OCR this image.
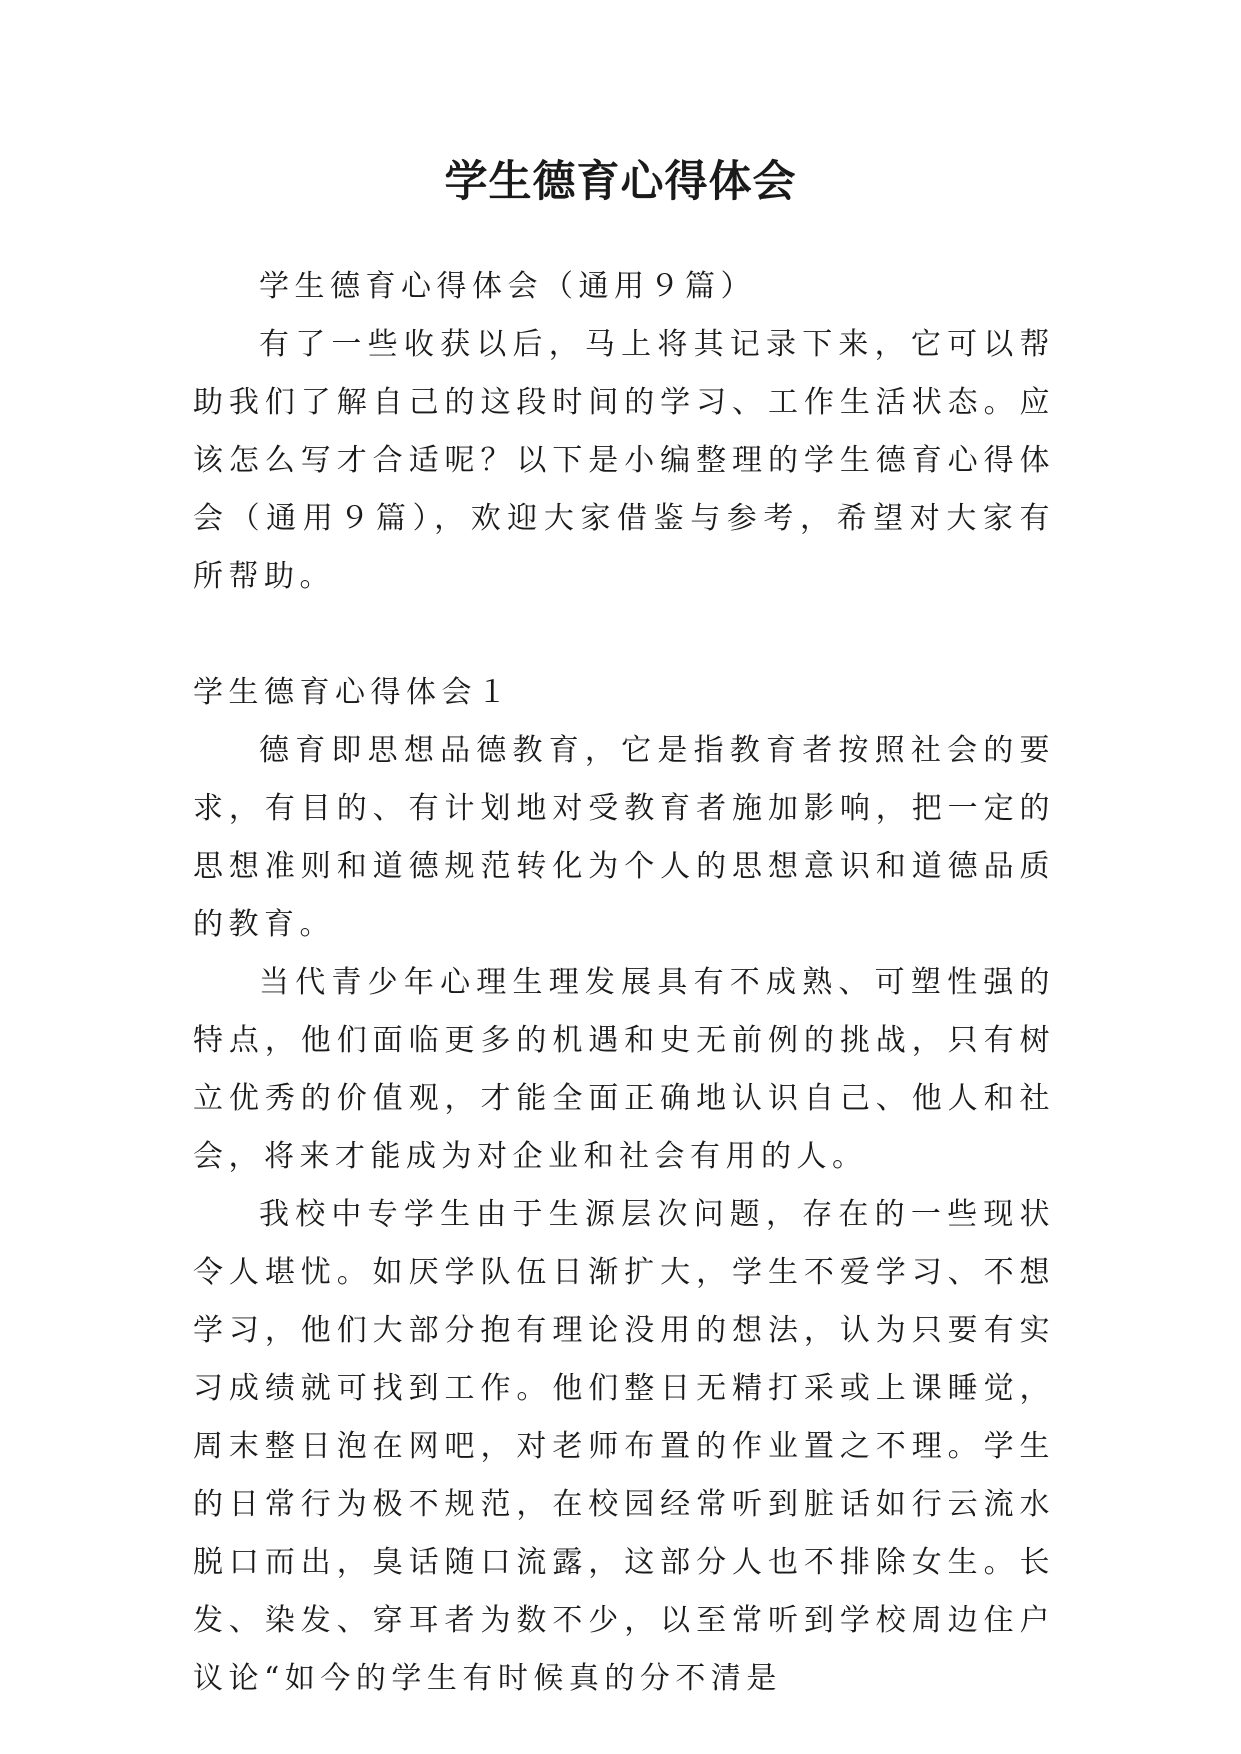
学生德育心得体会

学生德育心得体会（通用９篇）

有了一些收获以后，马上将其记录下来，它可以帮助我们了解自己的这段时间的学习、工作生活状态。应该怎么写才合适呢？以下是小编整理的学生德育心得体会（通用９篇），欢迎大家借鉴与参考，希望对大家有所帮助。

学生德育心得体会１

德育即思想品德教育，它是指教育者按照社会的要求，有目的、有计划地对受教育者施加影响，把一定的思想准则和道德规范转化为个人的思想意识和道德品质的教育。

当代青少年心理生理发展具有不成熟、可塑性强的特点，他们面临更多的机遇和史无前例的挑战，只有树立优秀的价值观，才能全面正确地认识自己、他人和社会，将来才能成为对企业和社会有用的人。

我校中专学生由于生源层次问题，存在的一些现状令人堪忧。如厌学队伍日渐扩大，学生不爱学习、不想学习，他们大部分抱有理论没用的想法，认为只要有实习成绩就可找到工作。他们整日无精打采或上课睡觉，周末整日泡在网吧，对老师布置的作业置之不理。学生的日常行为极不规范，在校园经常听到脏话如行云流水脱口而出，臭话随口流露，这部分人也不排除女生。长发、染发、穿耳者为数不少，以至常听到学校周边住户议论“如今的学生有时候真的分不清是
